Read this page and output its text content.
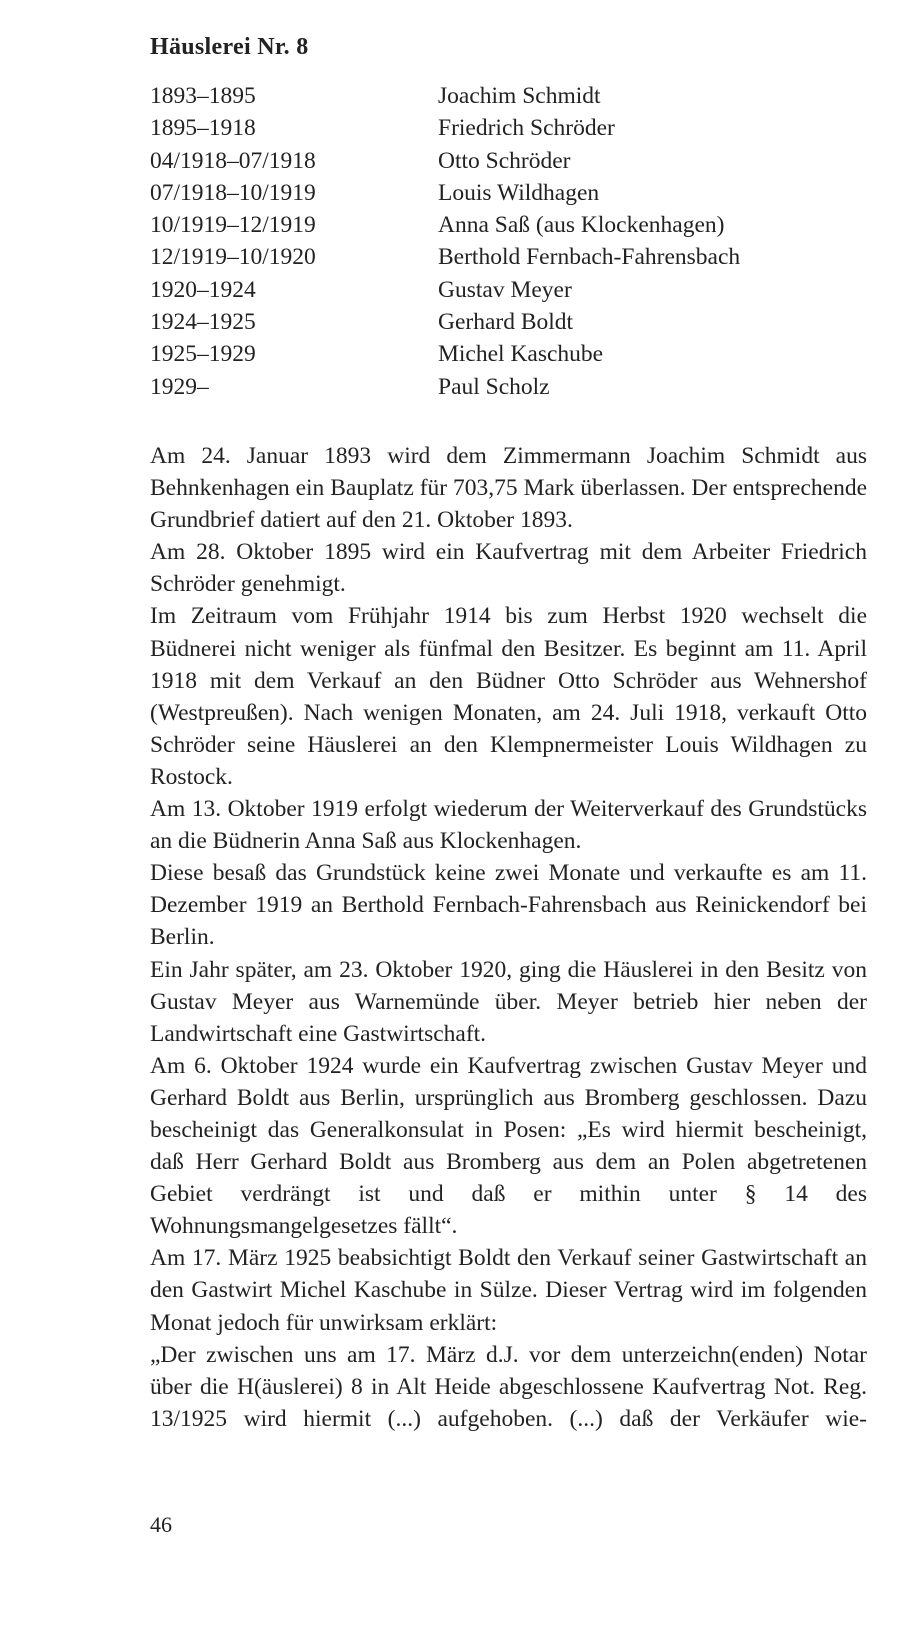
Häuslerei Nr. 8
1893–1895	Joachim Schmidt
1895–1918	Friedrich Schröder
04/1918–07/1918	Otto Schröder
07/1918–10/1919	Louis Wildhagen
10/1919–12/1919	Anna Saß (aus Klockenhagen)
12/1919–10/1920	Berthold Fernbach-Fahrensbach
1920–1924	Gustav Meyer
1924–1925	Gerhard Boldt
1925–1929	Michel Kaschube
1929–	Paul Scholz

Am 24. Januar 1893 wird dem Zimmermann Joachim Schmidt aus Behnkenhagen ein Bauplatz für 703,75 Mark überlassen. Der entsprechende Grundbrief datiert auf den 21. Oktober 1893.

Am 28. Oktober 1895 wird ein Kaufvertrag mit dem Arbeiter Friedrich Schröder genehmigt.

Im Zeitraum vom Frühjahr 1914 bis zum Herbst 1920 wechselt die Büdnerei nicht weniger als fünfmal den Besitzer. Es beginnt am 11. April 1918 mit dem Verkauf an den Büdner Otto Schröder aus Wehnershof (Westpreußen). Nach wenigen Monaten, am 24. Juli 1918, verkauft Otto Schröder seine Häuslerei an den Klempnermeister Louis Wildhagen zu Rostock.

Am 13. Oktober 1919 erfolgt wiederum der Weiterverkauf des Grundstücks an die Büdnerin Anna Saß aus Klockenhagen.

Diese besaß das Grundstück keine zwei Monate und verkaufte es am 11. Dezember 1919 an Berthold Fernbach-Fahrensbach aus Reinickendorf bei Berlin.

Ein Jahr später, am 23. Oktober 1920, ging die Häuslerei in den Besitz von Gustav Meyer aus Warnemünde über. Meyer betrieb hier neben der Landwirtschaft eine Gastwirtschaft.

Am 6. Oktober 1924 wurde ein Kaufvertrag zwischen Gustav Meyer und Gerhard Boldt aus Berlin, ursprünglich aus Bromberg geschlossen. Dazu bescheinigt das Generalkonsulat in Posen: „Es wird hiermit bescheinigt, daß Herr Gerhard Boldt aus Bromberg aus dem an Polen abgetretenen Gebiet verdrängt ist und daß er mithin unter § 14 des Wohnungsmangelgesetzes fällt“.

Am 17. März 1925 beabsichtigt Boldt den Verkauf seiner Gastwirtschaft an den Gastwirt Michel Kaschube in Sülze. Dieser Vertrag wird im folgenden Monat jedoch für unwirksam erklärt:

„Der zwischen uns am 17. März d.J. vor dem unterzeichn(enden) Notar über die H(äuslerei) 8 in Alt Heide abgeschlossene Kaufvertrag Not. Reg. 13/1925 wird hiermit (...) aufgehoben. (...) daß der Verkäufer wie-

46
